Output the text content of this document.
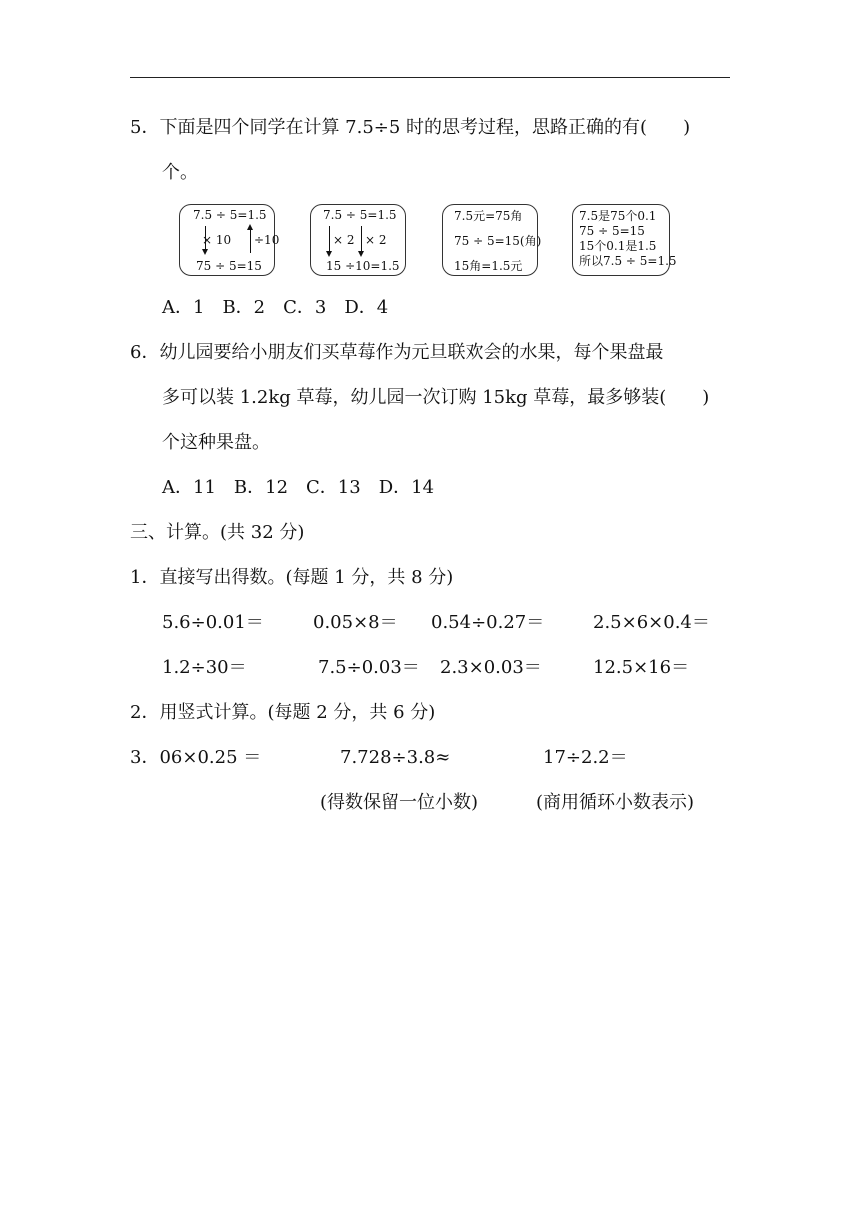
5．下面是四个同学在计算 7.5÷5 时的思考过程，思路正确的有(　　)
个。
7.5 ÷ 5=1.5
× 10 ÷10
75 ÷ 5=15
7.5 ÷ 5=1.5
× 2 × 2
15 ÷10=1.5
7.5元=75角
75 ÷ 5=15(角)
15角=1.5元
7.5是75个0.1
75 ÷ 5=15
15个0.1是1.5
所以7.5 ÷ 5=1.5
A．1　B．2　C．3　D．4
6．幼儿园要给小朋友们买草莓作为元旦联欢会的水果，每个果盘最
多可以装 1.2kg 草莓，幼儿园一次订购 15kg 草莓，最多够装(　　)
个这种果盘。
A．11　B．12　C．13　D．14
三、计算。(共 32 分)
1．直接写出得数。(每题 1 分，共 8 分)
5.6÷0.01＝	0.05×8＝ 0.54÷0.27＝	2.5×6×0.4＝
1.2÷30＝	7.5÷0.03＝ 2.3×0.03＝	12.5×16＝
2．用竖式计算。(每题 2 分，共 6 分)
3．06×0.25 ＝	7.728÷3.8≈	17÷2.2＝
(得数保留一位小数)	(商用循环小数表示)
